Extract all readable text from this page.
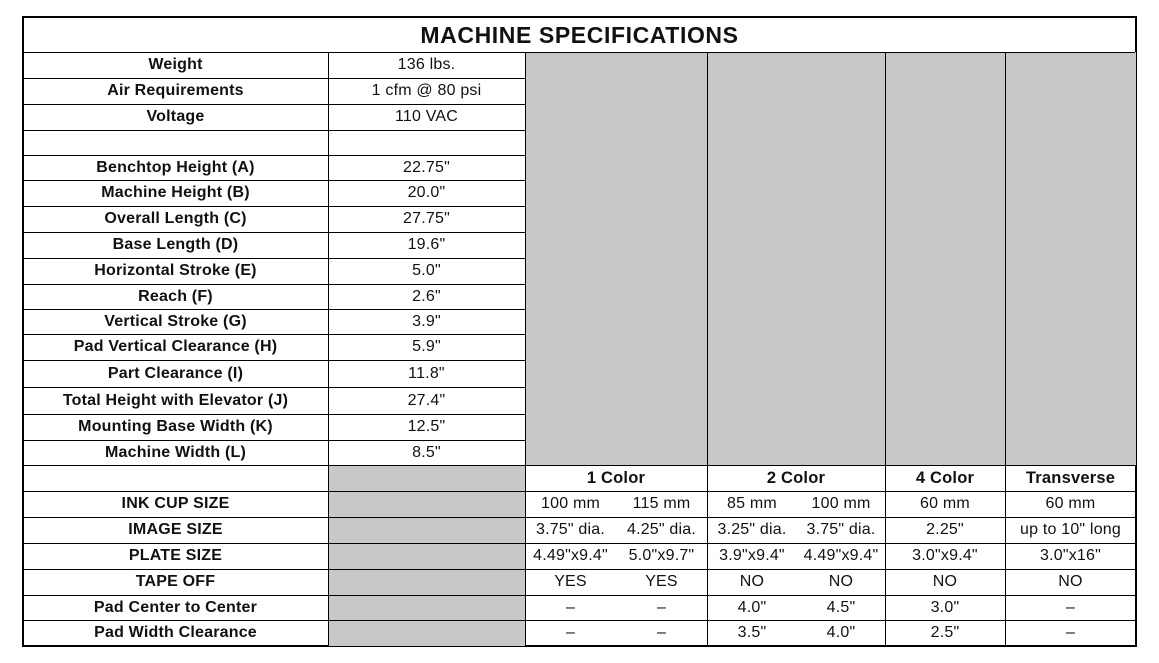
MACHINE SPECIFICATIONS
Weight	136 lbs.
Air Requirements	1 cfm @ 80 psi
Voltage	110 VAC
Benchtop Height (A)	22.75"
Machine Height (B)	20.0"
Overall Length (C)	27.75"
Base Length (D)	19.6"
Horizontal Stroke (E)	5.0"
Reach (F)	2.6"
Vertical Stroke (G)	3.9"
Pad Vertical Clearance (H)	5.9"
Part Clearance (I)	11.8"
Total Height with Elevator (J)	27.4"
Mounting Base Width (K)	12.5"
Machine Width (L)	8.5"
1 Color	2 Color	4 Color	Transverse
INK CUP SIZE	100 mm	115 mm	85 mm	100 mm	60 mm	60 mm
IMAGE SIZE	3.75" dia.	4.25" dia.	3.25" dia.	3.75" dia.	2.25"	up to 10" long
PLATE SIZE	4.49"x9.4"	5.0"x9.7"	3.9"x9.4"	4.49"x9.4"	3.0"x9.4"	3.0"x16"
TAPE OFF	YES	YES	NO	NO	NO	NO
Pad Center to Center	–	–	4.0"	4.5"	3.0"	–
Pad Width Clearance	–	–	3.5"	4.0"	2.5"	–
